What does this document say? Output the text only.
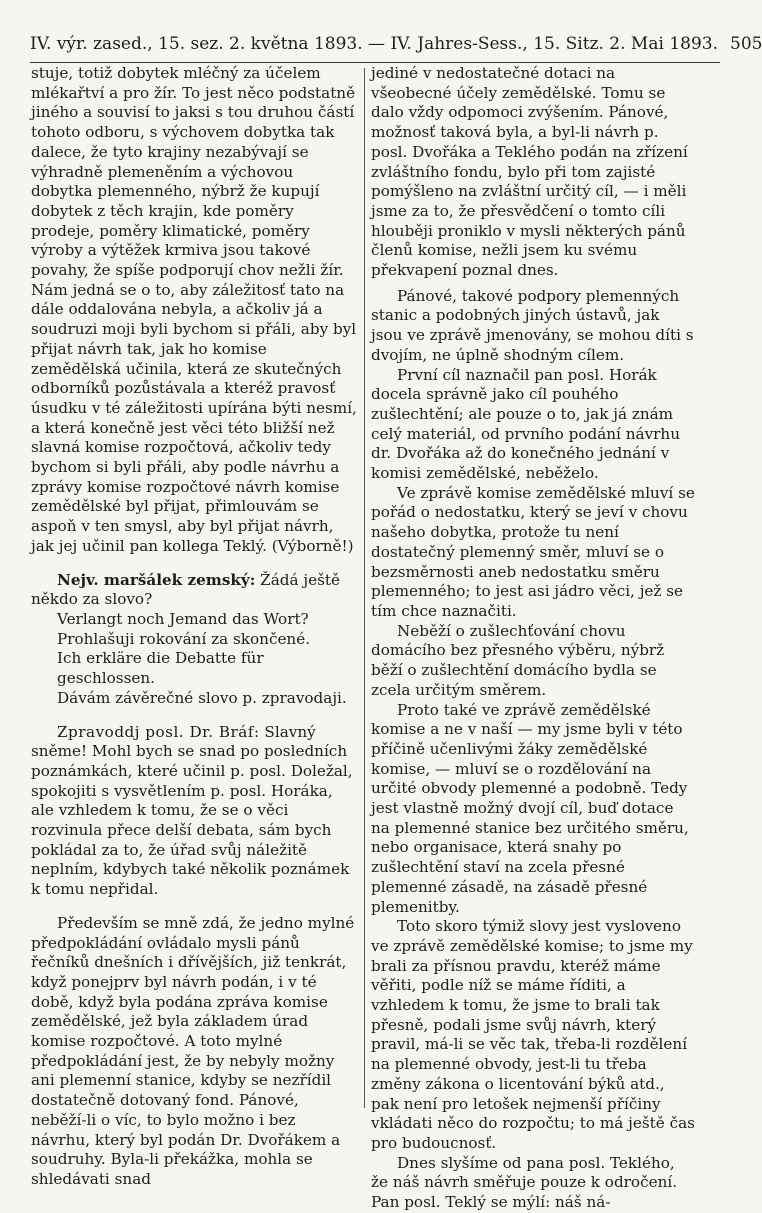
IV. výr. zased., 15. sez. 2. května 1893. — IV. Jahres-Sess., 15. Sitz. 2. Mai 1893. 505

stuje, totiž dobytek mléčný za účelem mlékařtví a pro žír. To jest něco podstatně jiného a souvisí to jaksi s tou druhou částí tohoto odboru, s výchovem dobytka tak dalece, že tyto krajiny nezabývají se výhradně plemeněním a výchovou dobytka plemenného, nýbrž že kupují dobytek z těch krajin, kde poměry prodeje, poměry klimatické, poměry výroby a výtěžek krmiva jsou takové povahy, že spíše podporují chov nežli žír. Nám jedná se o to, aby záležitosť tato na dále oddalována nebyla, a ačkoliv já a soudruzi moji byli bychom si přáli, aby byl přijat návrh tak, jak ho komise zemědělská učinila, která ze skutečných odborníků pozůstávala a kteréž pravosť úsudku v té záležitosti upírána býti nesmí, a která konečně jest věci této bližší než slavná komise rozpočtová, ačkoliv tedy bychom si byli přáli, aby podle návrhu a zprávy komise rozpočtové návrh komise zemědělské byl přijat, přimlouvám se aspoň v ten smysl, aby byl přijat návrh, jak jej učinil pan kollega Teklý. (Výborně!)

Nejv. maršálek zemský: Žádá ještě někdo za slovo?

Verlangt noch Jemand das Wort?

Prohlašuji rokování za skončené.

Ich erkläre die Debatte für geschlossen.

Dávám závěrečné slovo p. zpravodaji.

Zpravoddj posl. Dr. Bráf: Slavný sněme! Mohl bych se snad po posledních poznámkách, které učinil p. posl. Doležal, spokojiti s vysvětlením p. posl. Horáka, ale vzhledem k tomu, že se o věci rozvinula přece delší debata, sám bych pokládal za to, že úřad svůj náležitě neplním, kdybych také několik poznámek k tomu nepřidal.

Především se mně zdá, že jedno mylné předpokládání ovládalo mysli pánů řečníků dnešních i dřívějších, již tenkrát, když ponejprv byl návrh podán, i v té době, když byla podána zpráva komise zemědělské, jež byla základem úrad komise rozpočtové. A toto mylné předpokládání jest, že by nebyly možny ani plemenní stanice, kdyby se nezřídil dostatečně dotovaný fond. Pánové, neběží-li o víc, to bylo možno i bez návrhu, který byl podán Dr. Dvořákem a soudruhy. Byla-li překážka, mohla se shledávati snad

jediné v nedostatečné dotaci na všeobecné účely zemědělské. Tomu se dalo vždy odpomoci zvýšením. Pánové, možnosť taková byla, a byl-li návrh p. posl. Dvořáka a Teklého podán na zřízení zvláštního fondu, bylo při tom zajisté pomýšleno na zvláštní určitý cíl, — i měli jsme za to, že přesvědčení o tomto cíli hlouběji proniklo v mysli některých pánů členů komise, nežli jsem ku svému překvapení poznal dnes.

Pánové, takové podpory plemenných stanic a podobných jiných ústavů, jak jsou ve zprávě jmenovány, se mohou díti s dvojím, ne úplně shodným cílem.

První cíl naznačil pan posl. Horák docela správně jako cíl pouhého zušlechtění; ale pouze o to, jak já znám celý materiál, od prvního podání návrhu dr. Dvořáka až do konečného jednání v komisi zemědělské, neběželo.

Ve zprávě komise zemědělské mluví se pořád o nedostatku, který se jeví v chovu našeho dobytka, protože tu není dostatečný plemenný směr, mluví se o bezsměrnosti aneb nedostatku směru plemenného; to jest asi jádro věci, jež se tím chce naznačiti.

Neběží o zušlechťování chovu domácího bez přesného výběru, nýbrž běží o zušlechtění domácího bydla se zcela určitým směrem.

Proto také ve zprávě zemědělské komise a ne v naší — my jsme byli v této příčině učenlivými žáky zemědělské komise, — mluví se o rozdělování na určité obvody plemenné a podobně. Tedy jest vlastně možný dvojí cíl, buď dotace na plemenné stanice bez určitého směru, nebo organisace, která snahy po zušlechtění staví na zcela přesné plemenné zásadě, na zásadě přesné plemenitby.

Toto skoro týmiž slovy jest vysloveno ve zprávě zemědělské komise; to jsme my brali za přísnou pravdu, kteréž máme věřiti, podle níž se máme říditi, a vzhledem k tomu, že jsme to brali tak přesně, podali jsme svůj návrh, který pravil, má-li se věc tak, třeba-li rozdělení na plemenné obvody, jest-li tu třeba změny zákona o licentování býků atd., pak není pro letošek nejmenší příčiny vkládati něco do rozpočtu; to má ještě čas pro budoucnosť.

Dnes slyšíme od pana posl. Teklého, že náš návrh směřuje pouze k odročení. Pan posl. Teklý se mýlí: náš ná-
